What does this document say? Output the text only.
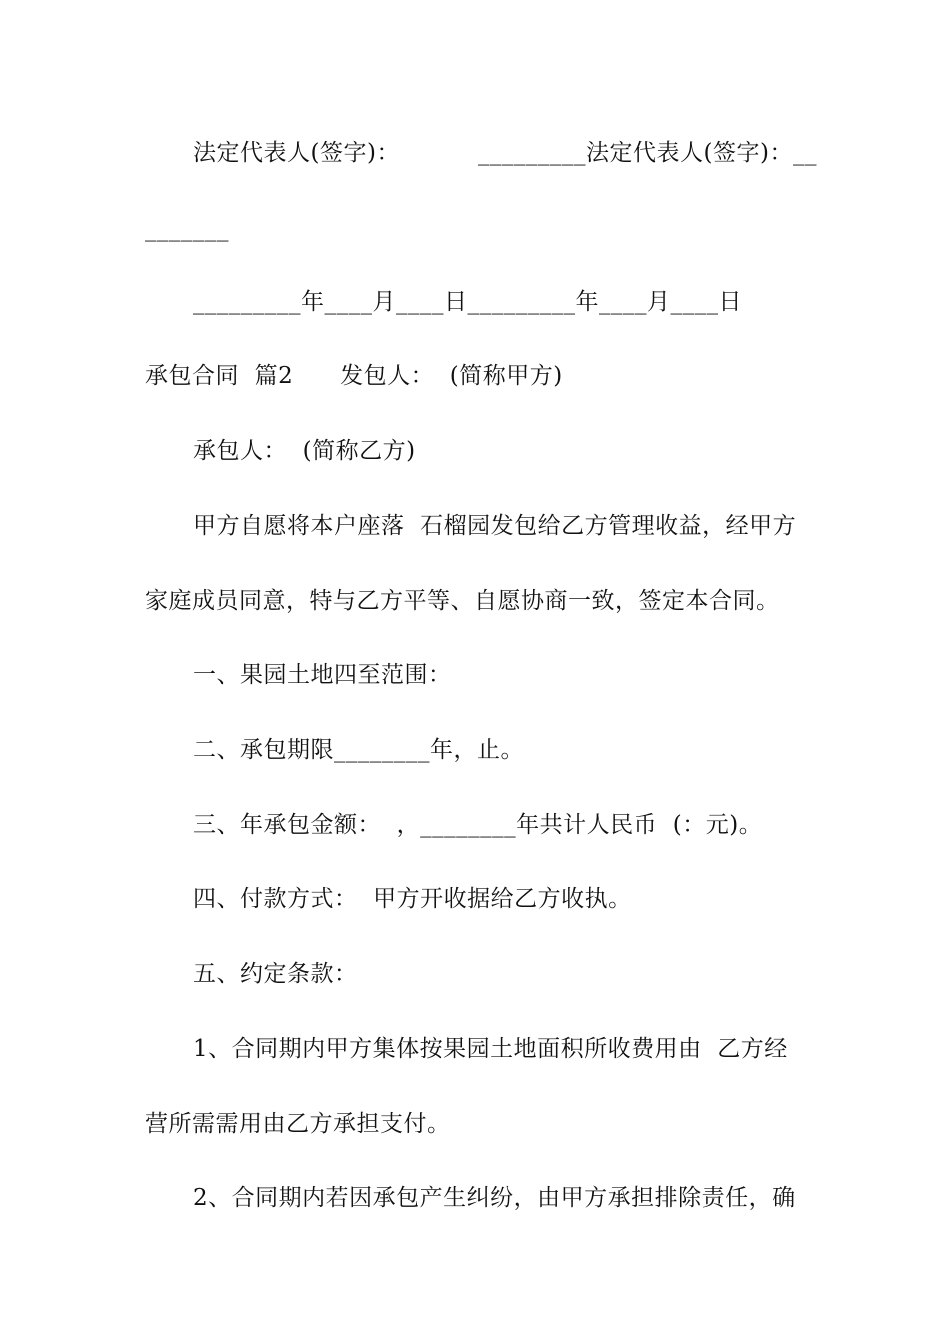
法定代表人(签字)：          _________法定代表人(签字)：__
_______
_________年____月____日_________年____月____日
承包合同  篇2      发包人：  (简称甲方)
承包人：  (简称乙方)
甲方自愿将本户座落  石榴园发包给乙方管理收益，经甲方
家庭成员同意，特与乙方平等、自愿协商一致，签定本合同。
一、果园土地四至范围：
二、承包期限________年，止。
三、年承包金额：  ，________年共计人民币  (：元)。
四、付款方式：  甲方开收据给乙方收执。
五、约定条款：
1、合同期内甲方集体按果园土地面积所收费用由  乙方经
营所需需用由乙方承担支付。
2、合同期内若因承包产生纠纷，由甲方承担排除责任，确
